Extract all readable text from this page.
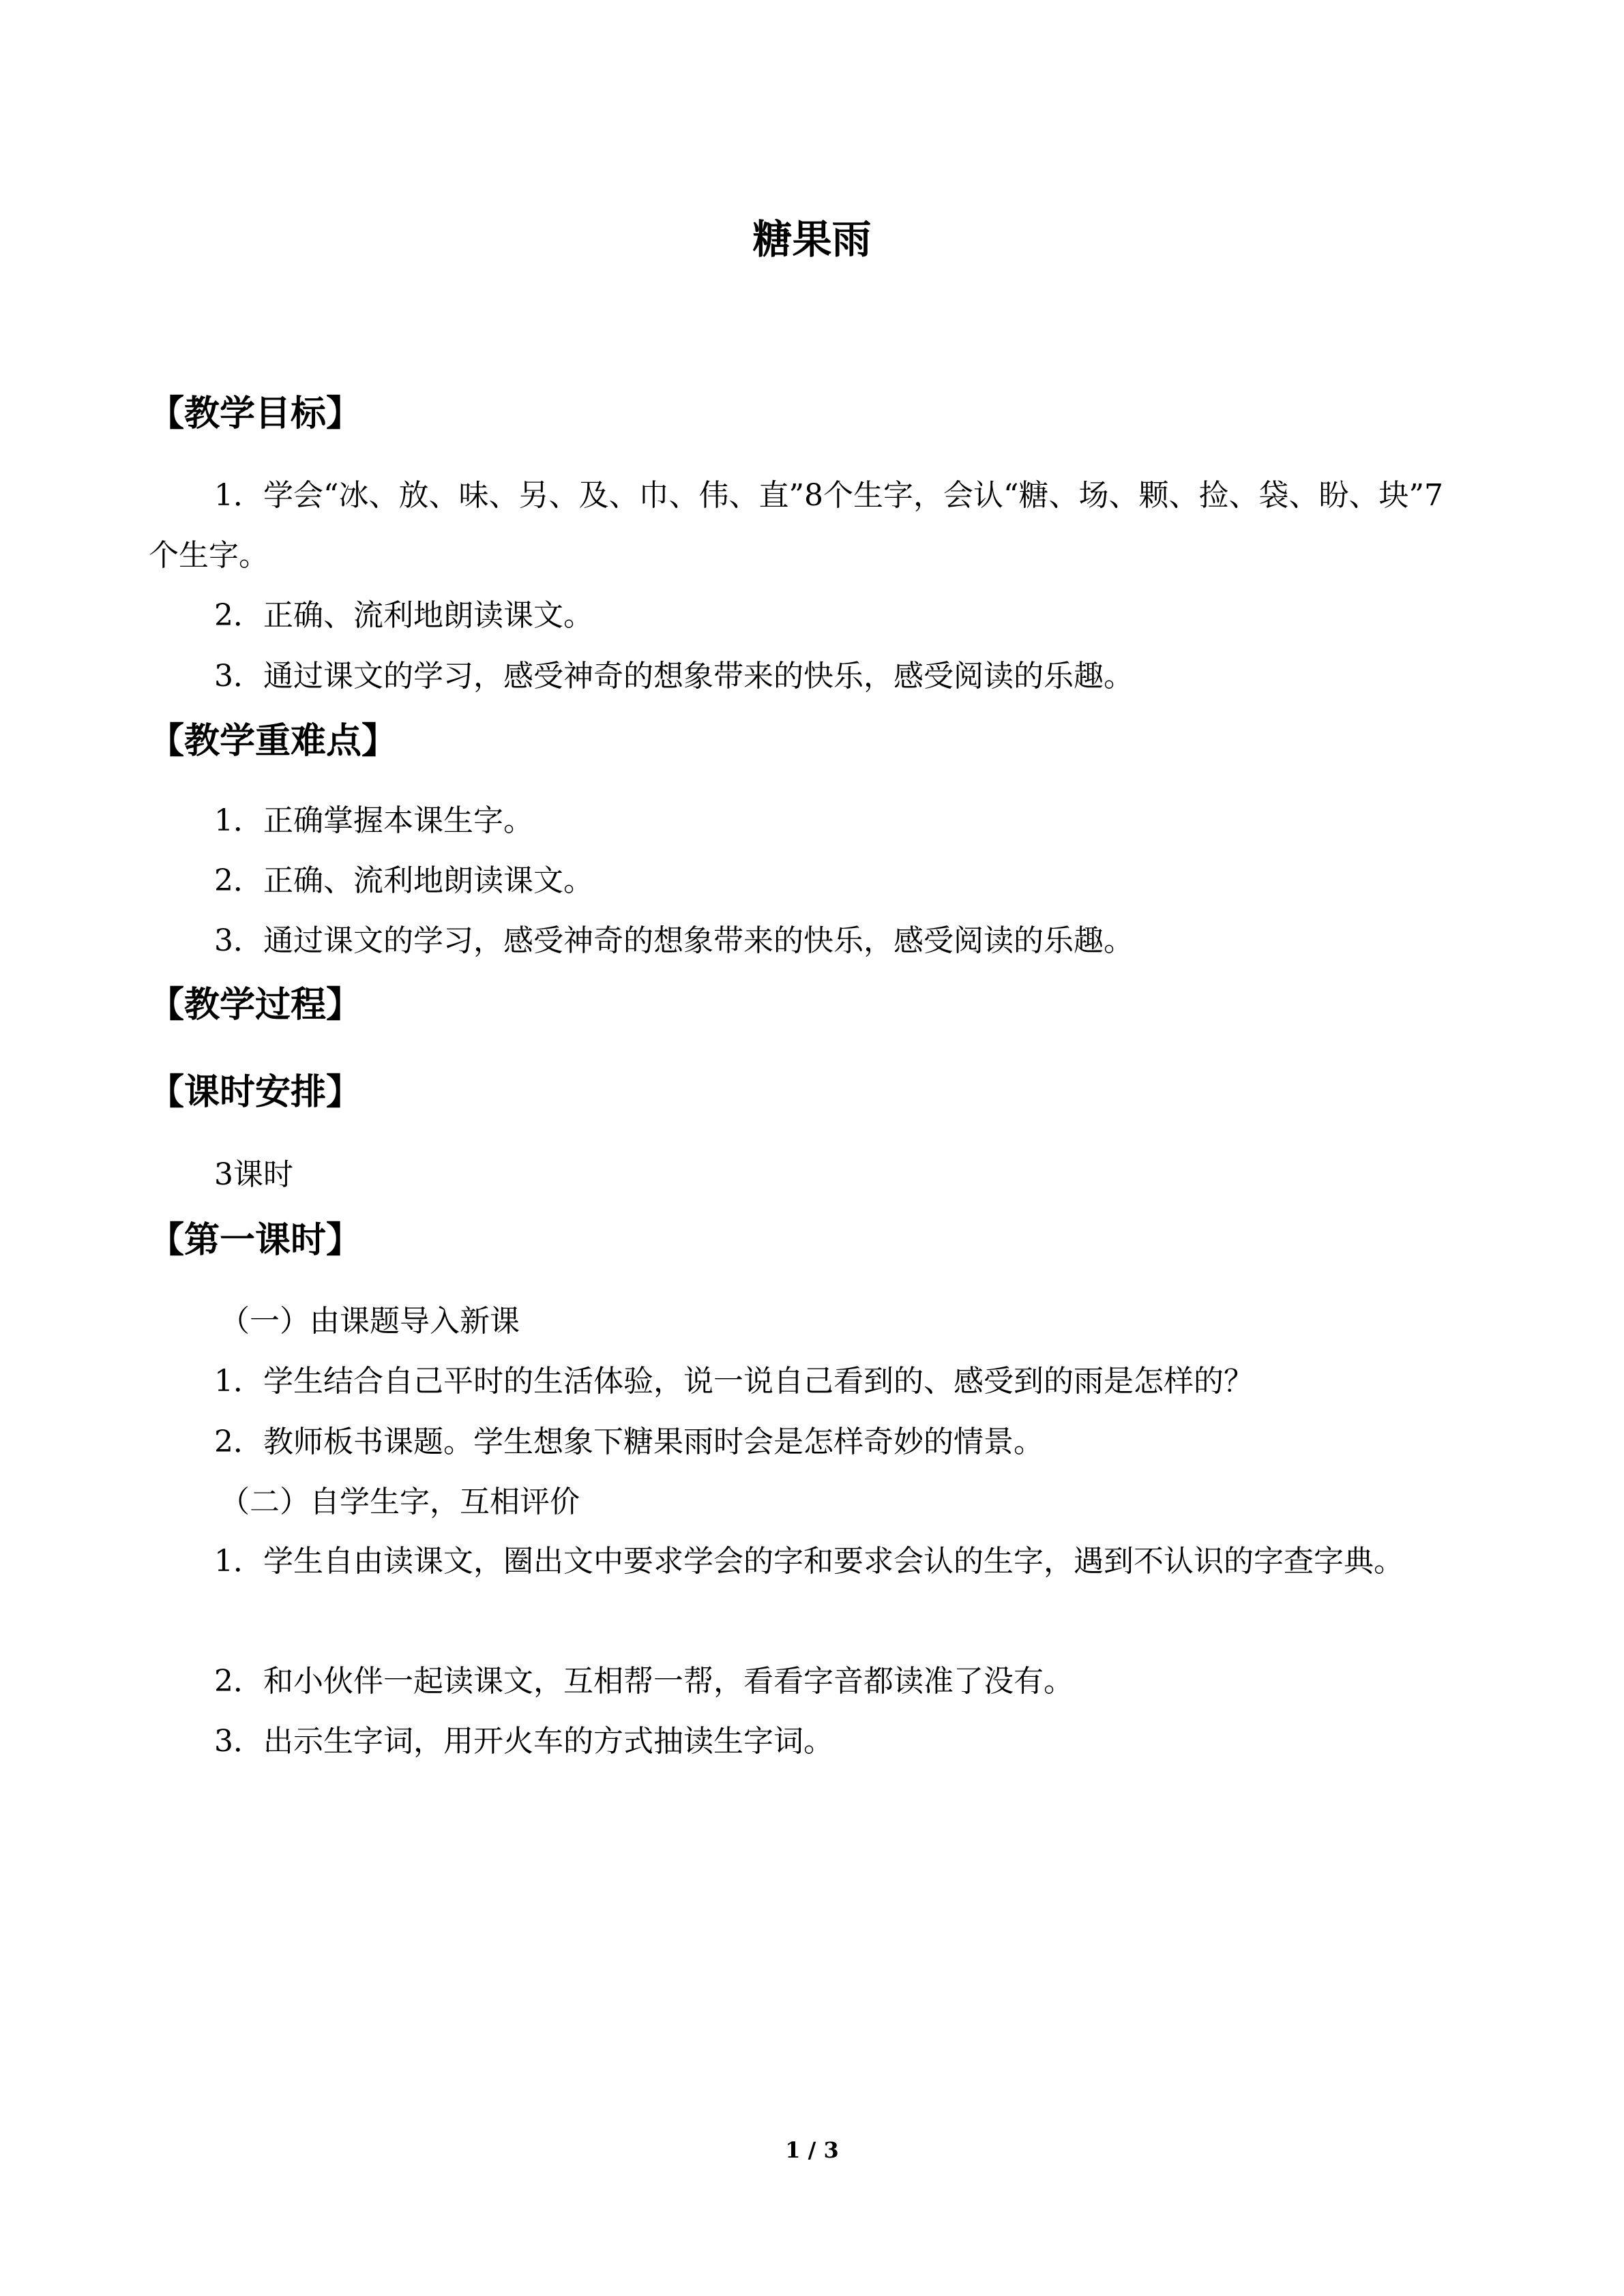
糖果雨
【教学目标】
1．学会“冰、放、味、另、及、巾、伟、直”8个生字，会认“糖、场、颗、捡、袋、盼、块”7个生字。
2．正确、流利地朗读课文。
3．通过课文的学习，感受神奇的想象带来的快乐，感受阅读的乐趣。
【教学重难点】
1．正确掌握本课生字。
2．正确、流利地朗读课文。
3．通过课文的学习，感受神奇的想象带来的快乐，感受阅读的乐趣。
【教学过程】
【课时安排】
3课时
【第一课时】
（一）由课题导入新课
1．学生结合自己平时的生活体验，说一说自己看到的、感受到的雨是怎样的？
2．教师板书课题。学生想象下糖果雨时会是怎样奇妙的情景。
（二）自学生字，互相评价
1．学生自由读课文，圈出文中要求学会的字和要求会认的生字，遇到不认识的字查字典。
2．和小伙伴一起读课文，互相帮一帮，看看字音都读准了没有。
3．出示生字词，用开火车的方式抽读生字词。
1 / 3
